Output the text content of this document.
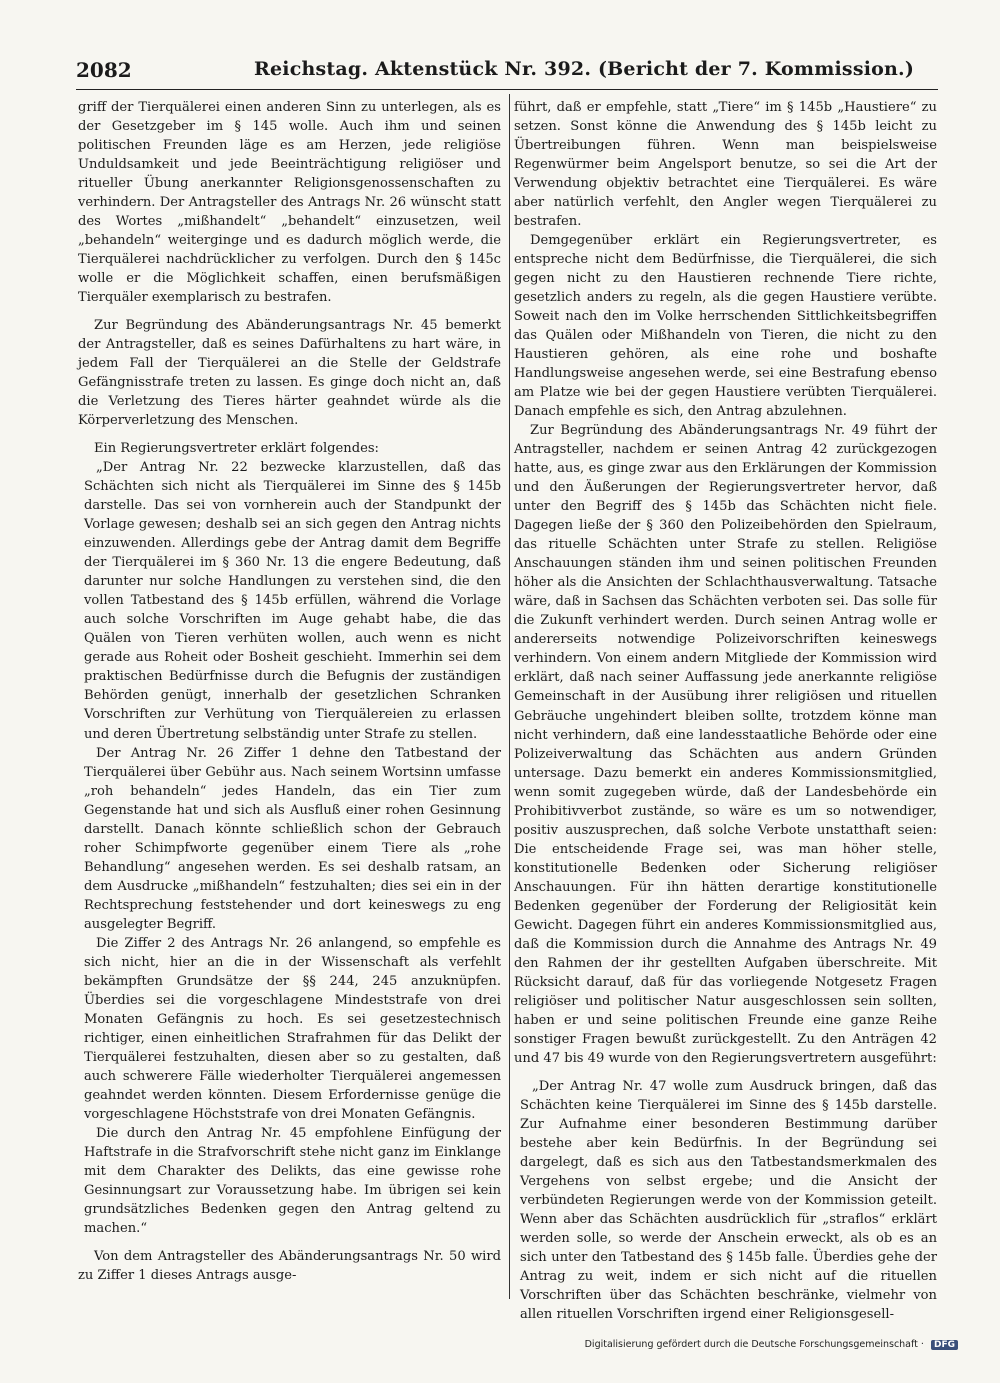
2082	Reichstag. Aktenstück Nr. 392. (Bericht der 7. Kommission.)

griff der Tierquälerei einen anderen Sinn zu unterlegen, als es der Gesetzgeber im § 145 wolle. Auch ihm und seinen politischen Freunden läge es am Herzen, jede religiöse Unduldsamkeit und jede Beeinträchtigung religiöser und ritueller Übung anerkannter Religionsgenossenschaften zu verhindern. Der Antragsteller des Antrags Nr. 26 wünscht statt des Wortes „mißhandelt“ „behandelt“ einzusetzen, weil „behandeln“ weiterginge und es dadurch möglich werde, die Tierquälerei nachdrücklicher zu verfolgen. Durch den § 145c wolle er die Möglichkeit schaffen, einen berufsmäßigen Tierquäler exemplarisch zu bestrafen.

Zur Begründung des Abänderungsantrags Nr. 45 bemerkt der Antragsteller, daß es seines Dafürhaltens zu hart wäre, in jedem Fall der Tierquälerei an die Stelle der Geldstrafe Gefängnisstrafe treten zu lassen. Es ginge doch nicht an, daß die Verletzung des Tieres härter geahndet würde als die Körperverletzung des Menschen.

Ein Regierungsvertreter erklärt folgendes:

„Der Antrag Nr. 22 bezwecke klarzustellen, daß das Schächten sich nicht als Tierquälerei im Sinne des § 145b darstelle. Das sei von vornherein auch der Standpunkt der Vorlage gewesen; deshalb sei an sich gegen den Antrag nichts einzuwenden. Allerdings gebe der Antrag damit dem Begriffe der Tierquälerei im § 360 Nr. 13 die engere Bedeutung, daß darunter nur solche Handlungen zu verstehen sind, die den vollen Tatbestand des § 145b erfüllen, während die Vorlage auch solche Vorschriften im Auge gehabt habe, die das Quälen von Tieren verhüten wollen, auch wenn es nicht gerade aus Roheit oder Bosheit geschieht. Immerhin sei dem praktischen Bedürfnisse durch die Befugnis der zuständigen Behörden genügt, innerhalb der gesetzlichen Schranken Vorschriften zur Verhütung von Tierquälereien zu erlassen und deren Übertretung selbständig unter Strafe zu stellen.

Der Antrag Nr. 26 Ziffer 1 dehne den Tatbestand der Tierquälerei über Gebühr aus. Nach seinem Wortsinn umfasse „roh behandeln“ jedes Handeln, das ein Tier zum Gegenstande hat und sich als Ausfluß einer rohen Gesinnung darstellt. Danach könnte schließlich schon der Gebrauch roher Schimpfworte gegenüber einem Tiere als „rohe Behandlung“ angesehen werden. Es sei deshalb ratsam, an dem Ausdrucke „mißhandeln“ festzuhalten; dies sei ein in der Rechtsprechung feststehender und dort keineswegs zu eng ausgelegter Begriff.

Die Ziffer 2 des Antrags Nr. 26 anlangend, so empfehle es sich nicht, hier an die in der Wissenschaft als verfehlt bekämpften Grundsätze der §§ 244, 245 anzuknüpfen. Überdies sei die vorgeschlagene Mindeststrafe von drei Monaten Gefängnis zu hoch. Es sei gesetzestechnisch richtiger, einen einheitlichen Strafrahmen für das Delikt der Tierquälerei festzuhalten, diesen aber so zu gestalten, daß auch schwerere Fälle wiederholter Tierquälerei angemessen geahndet werden könnten. Diesem Erfordernisse genüge die vorgeschlagene Höchststrafe von drei Monaten Gefängnis.

Die durch den Antrag Nr. 45 empfohlene Einfügung der Haftstrafe in die Strafvorschrift stehe nicht ganz im Einklange mit dem Charakter des Delikts, das eine gewisse rohe Gesinnungsart zur Voraussetzung habe. Im übrigen sei kein grundsätzliches Bedenken gegen den Antrag geltend zu machen.“

Von dem Antragsteller des Abänderungsantrags Nr. 50 wird zu Ziffer 1 dieses Antrags ausge-

führt, daß er empfehle, statt „Tiere“ im § 145b „Haustiere“ zu setzen. Sonst könne die Anwendung des § 145b leicht zu Übertreibungen führen. Wenn man beispielsweise Regenwürmer beim Angelsport benutze, so sei die Art der Verwendung objektiv betrachtet eine Tierquälerei. Es wäre aber natürlich verfehlt, den Angler wegen Tierquälerei zu bestrafen.

Demgegenüber erklärt ein Regierungsvertreter, es entspreche nicht dem Bedürfnisse, die Tierquälerei, die sich gegen nicht zu den Haustieren rechnende Tiere richte, gesetzlich anders zu regeln, als die gegen Haustiere verübte. Soweit nach den im Volke herrschenden Sittlichkeitsbegriffen das Quälen oder Mißhandeln von Tieren, die nicht zu den Haustieren gehören, als eine rohe und boshafte Handlungsweise angesehen werde, sei eine Bestrafung ebenso am Platze wie bei der gegen Haustiere verübten Tierquälerei. Danach empfehle es sich, den Antrag abzulehnen.

Zur Begründung des Abänderungsantrags Nr. 49 führt der Antragsteller, nachdem er seinen Antrag 42 zurückgezogen hatte, aus, es ginge zwar aus den Erklärungen der Kommission und den Äußerungen der Regierungsvertreter hervor, daß unter den Begriff des § 145b das Schächten nicht fiele. Dagegen ließe der § 360 den Polizeibehörden den Spielraum, das rituelle Schächten unter Strafe zu stellen. Religiöse Anschauungen ständen ihm und seinen politischen Freunden höher als die Ansichten der Schlachthausverwaltung. Tatsache wäre, daß in Sachsen das Schächten verboten sei. Das solle für die Zukunft verhindert werden. Durch seinen Antrag wolle er andererseits notwendige Polizeivorschriften keineswegs verhindern. Von einem andern Mitgliede der Kommission wird erklärt, daß nach seiner Auffassung jede anerkannte religiöse Gemeinschaft in der Ausübung ihrer religiösen und rituellen Gebräuche ungehindert bleiben sollte, trotzdem könne man nicht verhindern, daß eine landesstaatliche Behörde oder eine Polizeiverwaltung das Schächten aus andern Gründen untersage. Dazu bemerkt ein anderes Kommissionsmitglied, wenn somit zugegeben würde, daß der Landesbehörde ein Prohibitivverbot zustände, so wäre es um so notwendiger, positiv auszusprechen, daß solche Verbote unstatthaft seien: Die entscheidende Frage sei, was man höher stelle, konstitutionelle Bedenken oder Sicherung religiöser Anschauungen. Für ihn hätten derartige konstitutionelle Bedenken gegenüber der Forderung der Religiosität kein Gewicht. Dagegen führt ein anderes Kommissionsmitglied aus, daß die Kommission durch die Annahme des Antrags Nr. 49 den Rahmen der ihr gestellten Aufgaben überschreite. Mit Rücksicht darauf, daß für das vorliegende Notgesetz Fragen religiöser und politischer Natur ausgeschlossen sein sollten, haben er und seine politischen Freunde eine ganze Reihe sonstiger Fragen bewußt zurückgestellt. Zu den Anträgen 42 und 47 bis 49 wurde von den Regierungsvertretern ausgeführt:

„Der Antrag Nr. 47 wolle zum Ausdruck bringen, daß das Schächten keine Tierquälerei im Sinne des § 145b darstelle. Zur Aufnahme einer besonderen Bestimmung darüber bestehe aber kein Bedürfnis. In der Begründung sei dargelegt, daß es sich aus den Tatbestandsmerkmalen des Vergehens von selbst ergebe; und die Ansicht der verbündeten Regierungen werde von der Kommission geteilt. Wenn aber das Schächten ausdrücklich für „straflos“ erklärt werden solle, so werde der Anschein erweckt, als ob es an sich unter den Tatbestand des § 145b falle. Überdies gehe der Antrag zu weit, indem er sich nicht auf die rituellen Vorschriften über das Schächten beschränke, vielmehr von allen rituellen Vorschriften irgend einer Religionsgesell-

Digitalisierung gefördert durch die Deutsche Forschungsgemeinschaft · DFG
